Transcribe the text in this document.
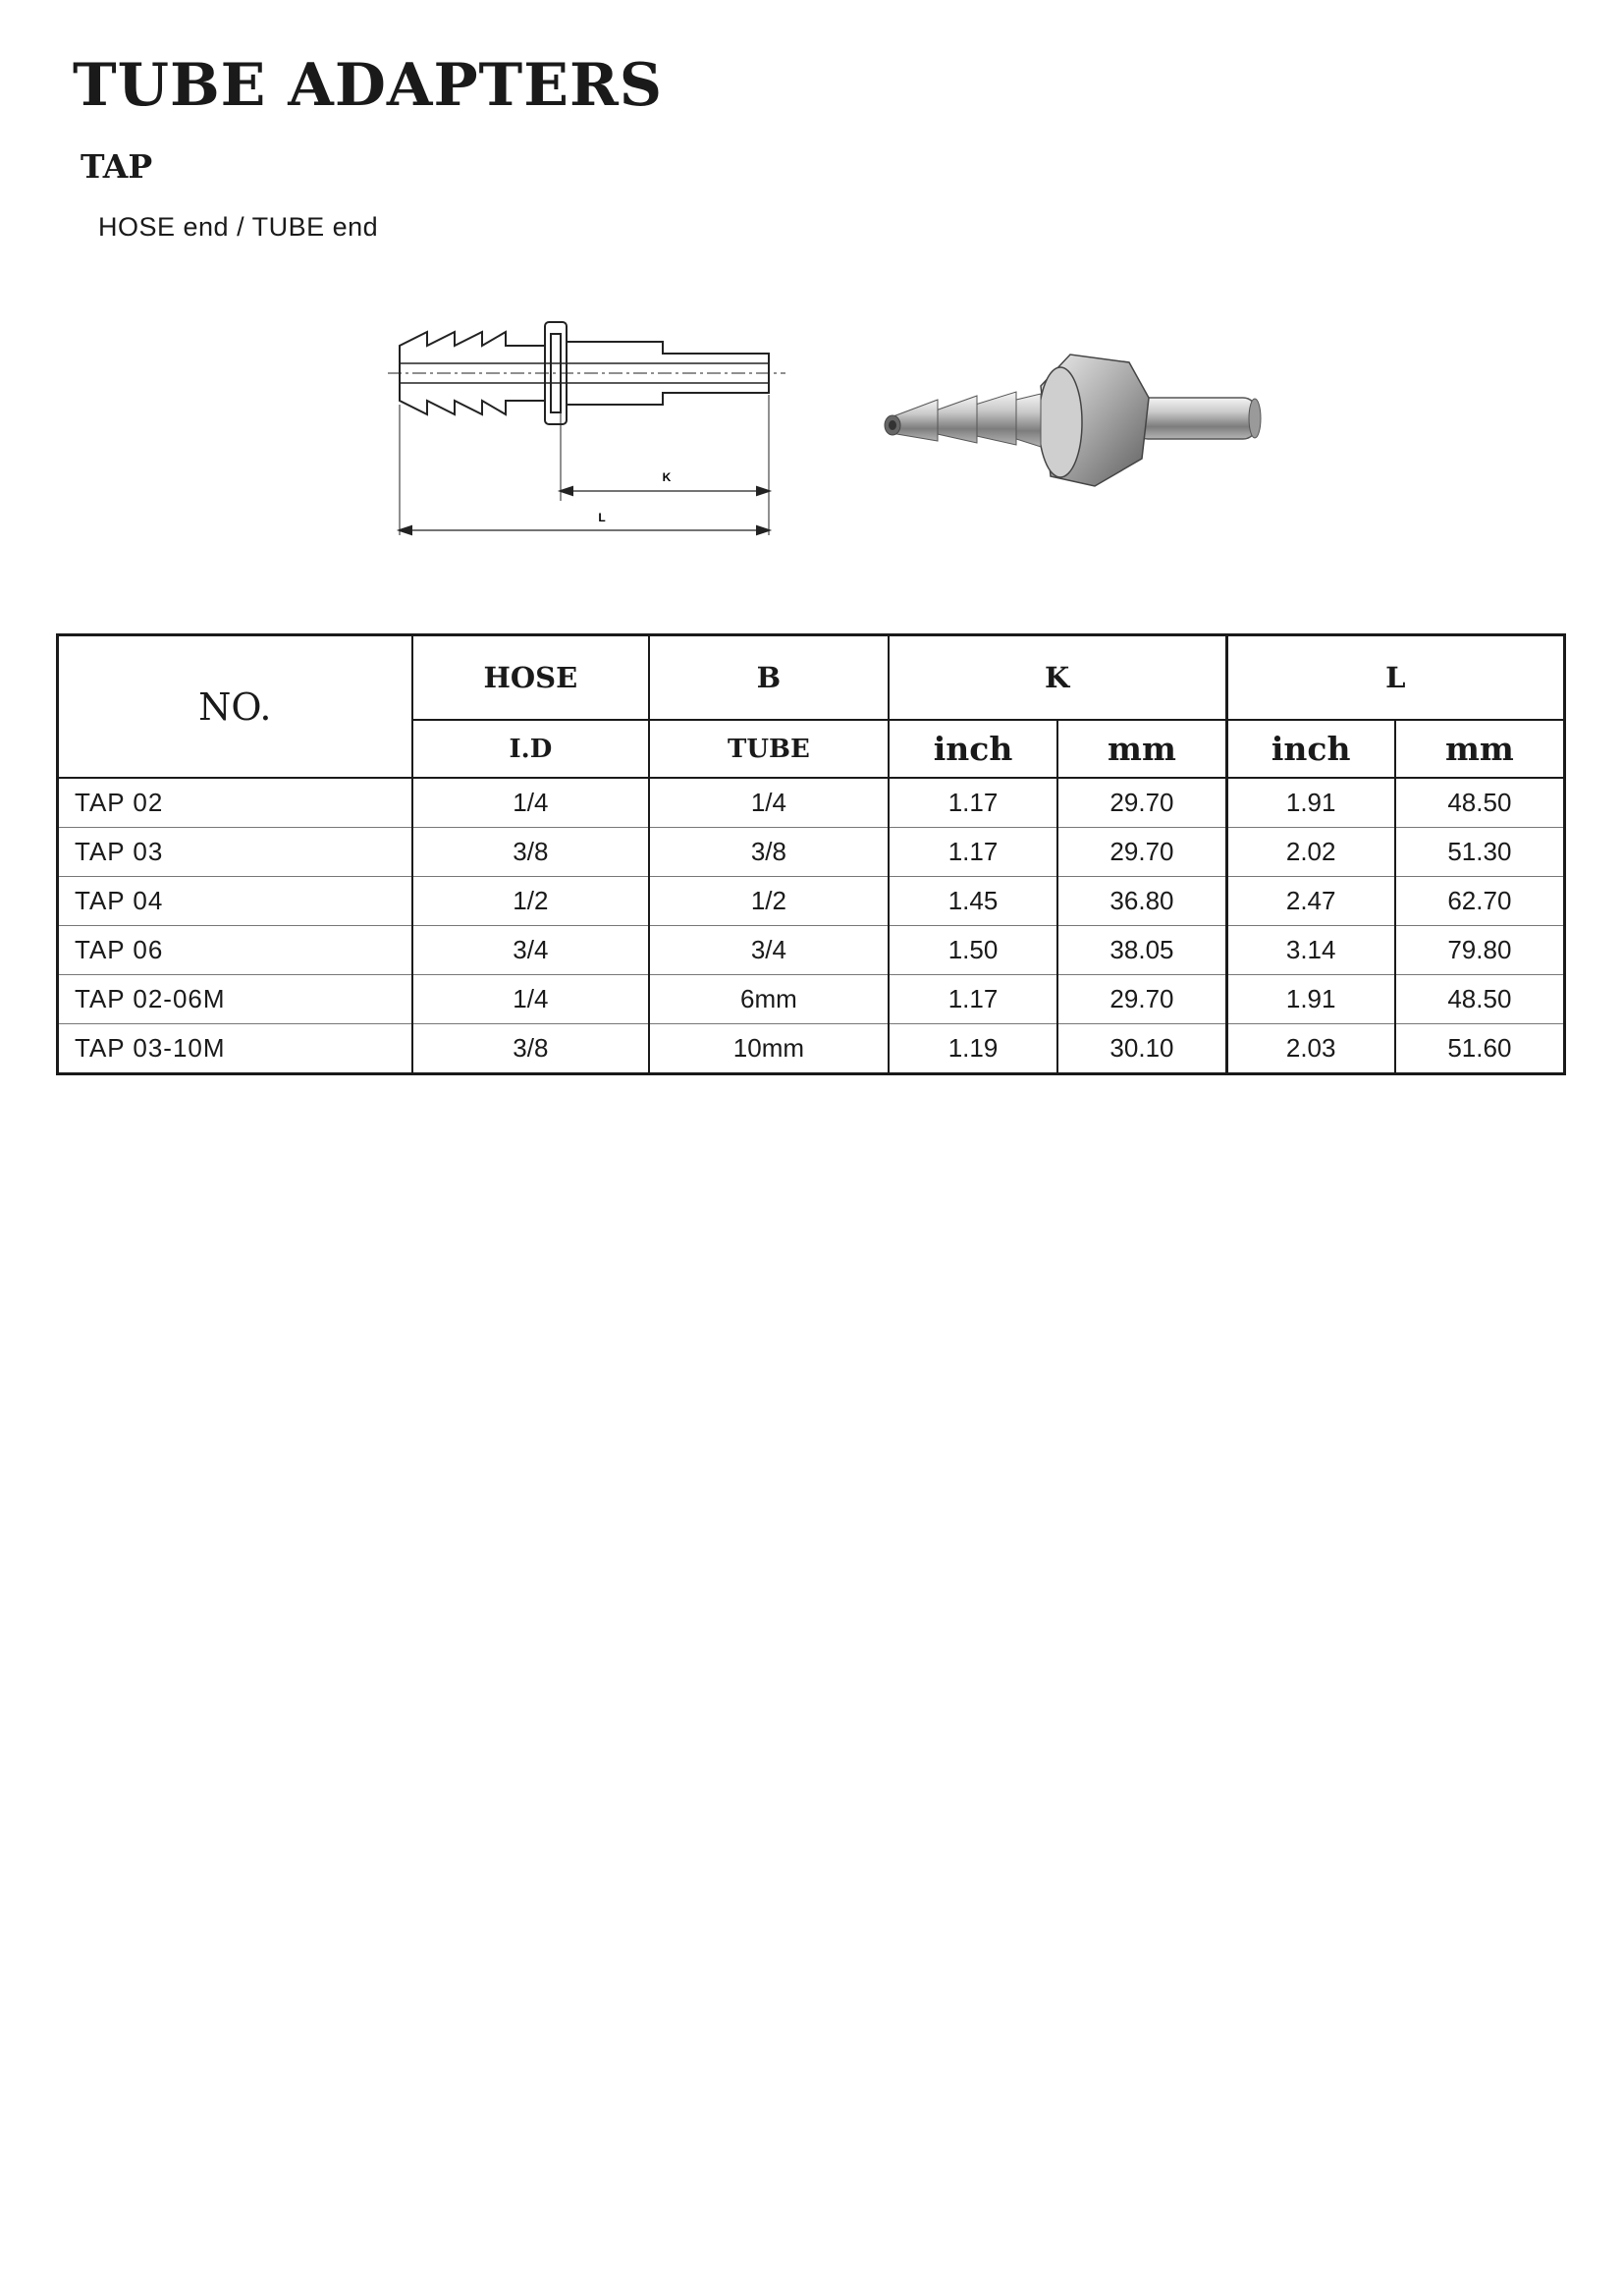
TUBE ADAPTERS
TAP

HOSE end / TUBE end

K
L
NO.	HOSE	B	K		L	
	I.D	TUBE	inch	mm	inch	mm
TAP 02	1/4	1/4	1.17	29.70	1.91	48.50
TAP 03	3/8	3/8	1.17	29.70	2.02	51.30
TAP 04	1/2	1/2	1.45	36.80	2.47	62.70
TAP 06	3/4	3/4	1.50	38.05	3.14	79.80
TAP 02-06M	1/4	6mm	1.17	29.70	1.91	48.50
TAP 03-10M	3/8	10mm	1.19	30.10	2.03	51.60
